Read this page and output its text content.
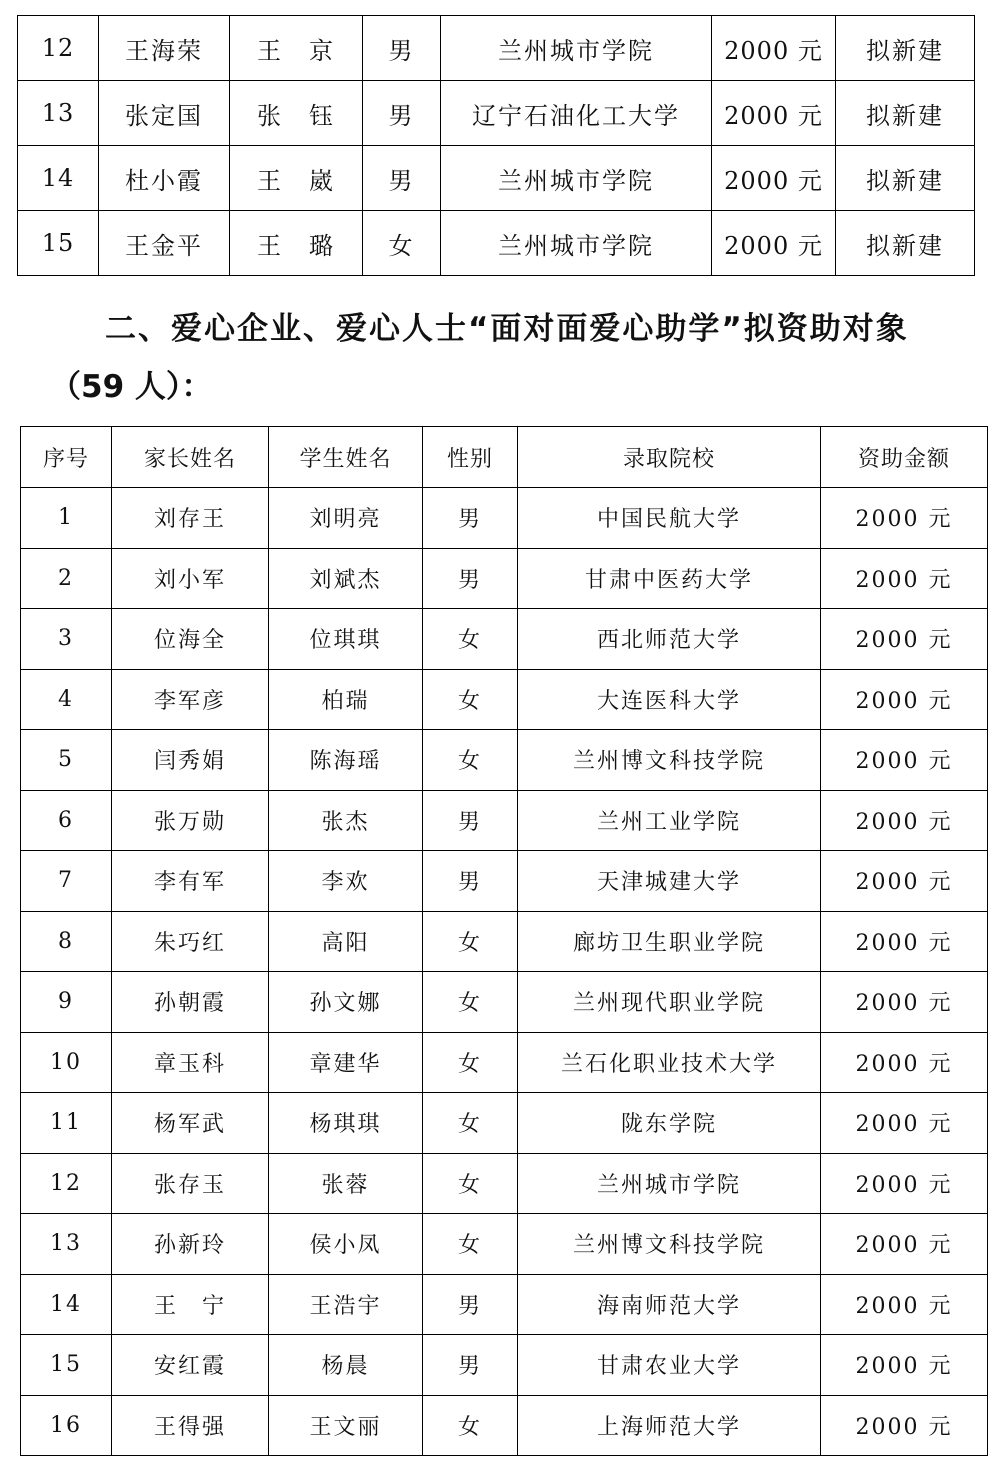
12	王海荣	王　京	男	兰州城市学院	2000 元	拟新建
13	张定国	张　钰	男	辽宁石油化工大学	2000 元	拟新建
14	杜小霞	王　崴	男	兰州城市学院	2000 元	拟新建
15	王金平	王　璐	女	兰州城市学院	2000 元	拟新建
二、爱心企业、爱心人士“面对面爱心助学”拟资助对象
（59 人）：
序号	家长姓名	学生姓名	性别	录取院校	资助金额
1	刘存王	刘明亮	男	中国民航大学	2000 元
2	刘小军	刘斌杰	男	甘肃中医药大学	2000 元
3	位海全	位琪琪	女	西北师范大学	2000 元
4	李军彦	柏瑞	女	大连医科大学	2000 元
5	闫秀娟	陈海瑶	女	兰州博文科技学院	2000 元
6	张万勋	张杰	男	兰州工业学院	2000 元
7	李有军	李欢	男	天津城建大学	2000 元
8	朱巧红	高阳	女	廊坊卫生职业学院	2000 元
9	孙朝霞	孙文娜	女	兰州现代职业学院	2000 元
10	章玉科	章建华	女	兰石化职业技术大学	2000 元
11	杨军武	杨琪琪	女	陇东学院	2000 元
12	张存玉	张蓉	女	兰州城市学院	2000 元
13	孙新玲	侯小凤	女	兰州博文科技学院	2000 元
14	王　宁	王浩宇	男	海南师范大学	2000 元
15	安红霞	杨晨	男	甘肃农业大学	2000 元
16	王得强	王文丽	女	上海师范大学	2000 元
